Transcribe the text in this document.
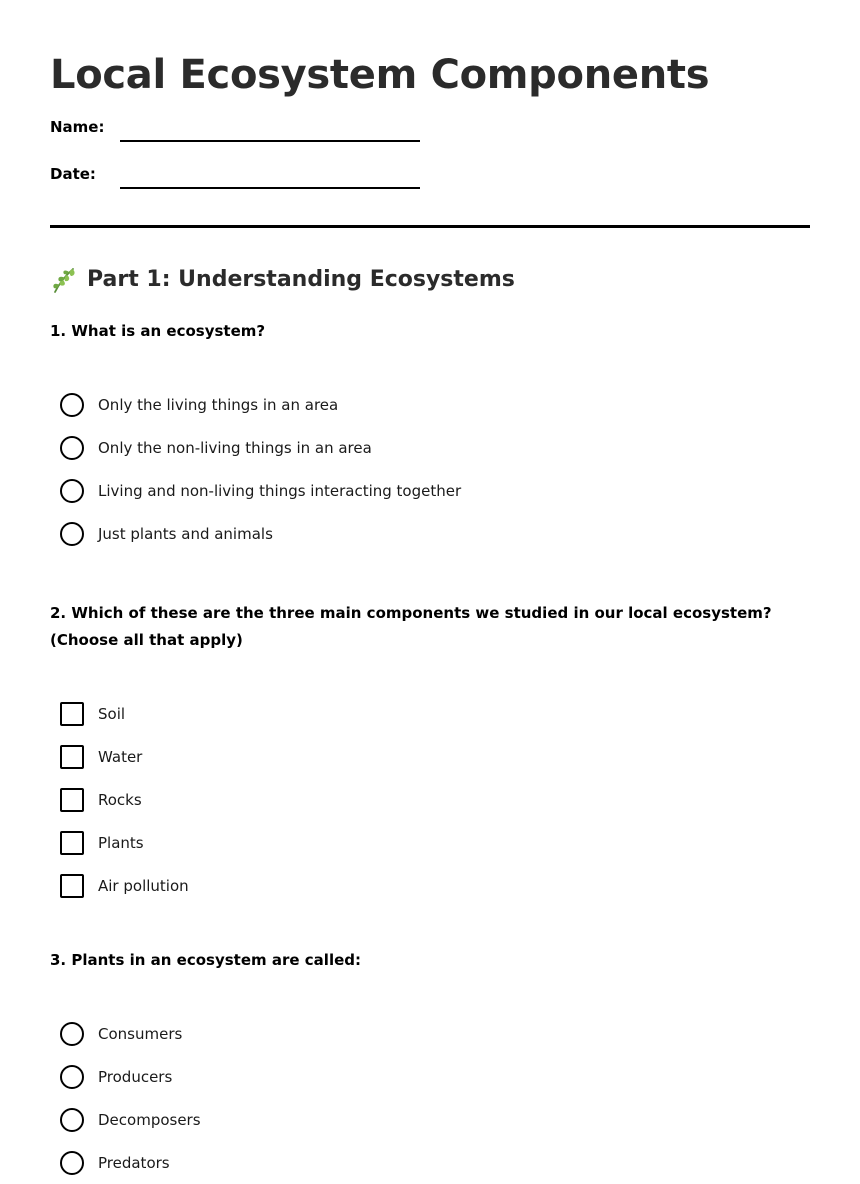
Local Ecosystem Components
Name:
Date:
Part 1: Understanding Ecosystems

1. What is an ecosystem?

Only the living things in an area
Only the non-living things in an area
Living and non-living things interacting together
Just plants and animals

2. Which of these are the three main components we studied in our local ecosystem? (Choose all that apply)

Soil
Water
Rocks
Plants
Air pollution

3. Plants in an ecosystem are called:

Consumers
Producers
Decomposers
Predators
